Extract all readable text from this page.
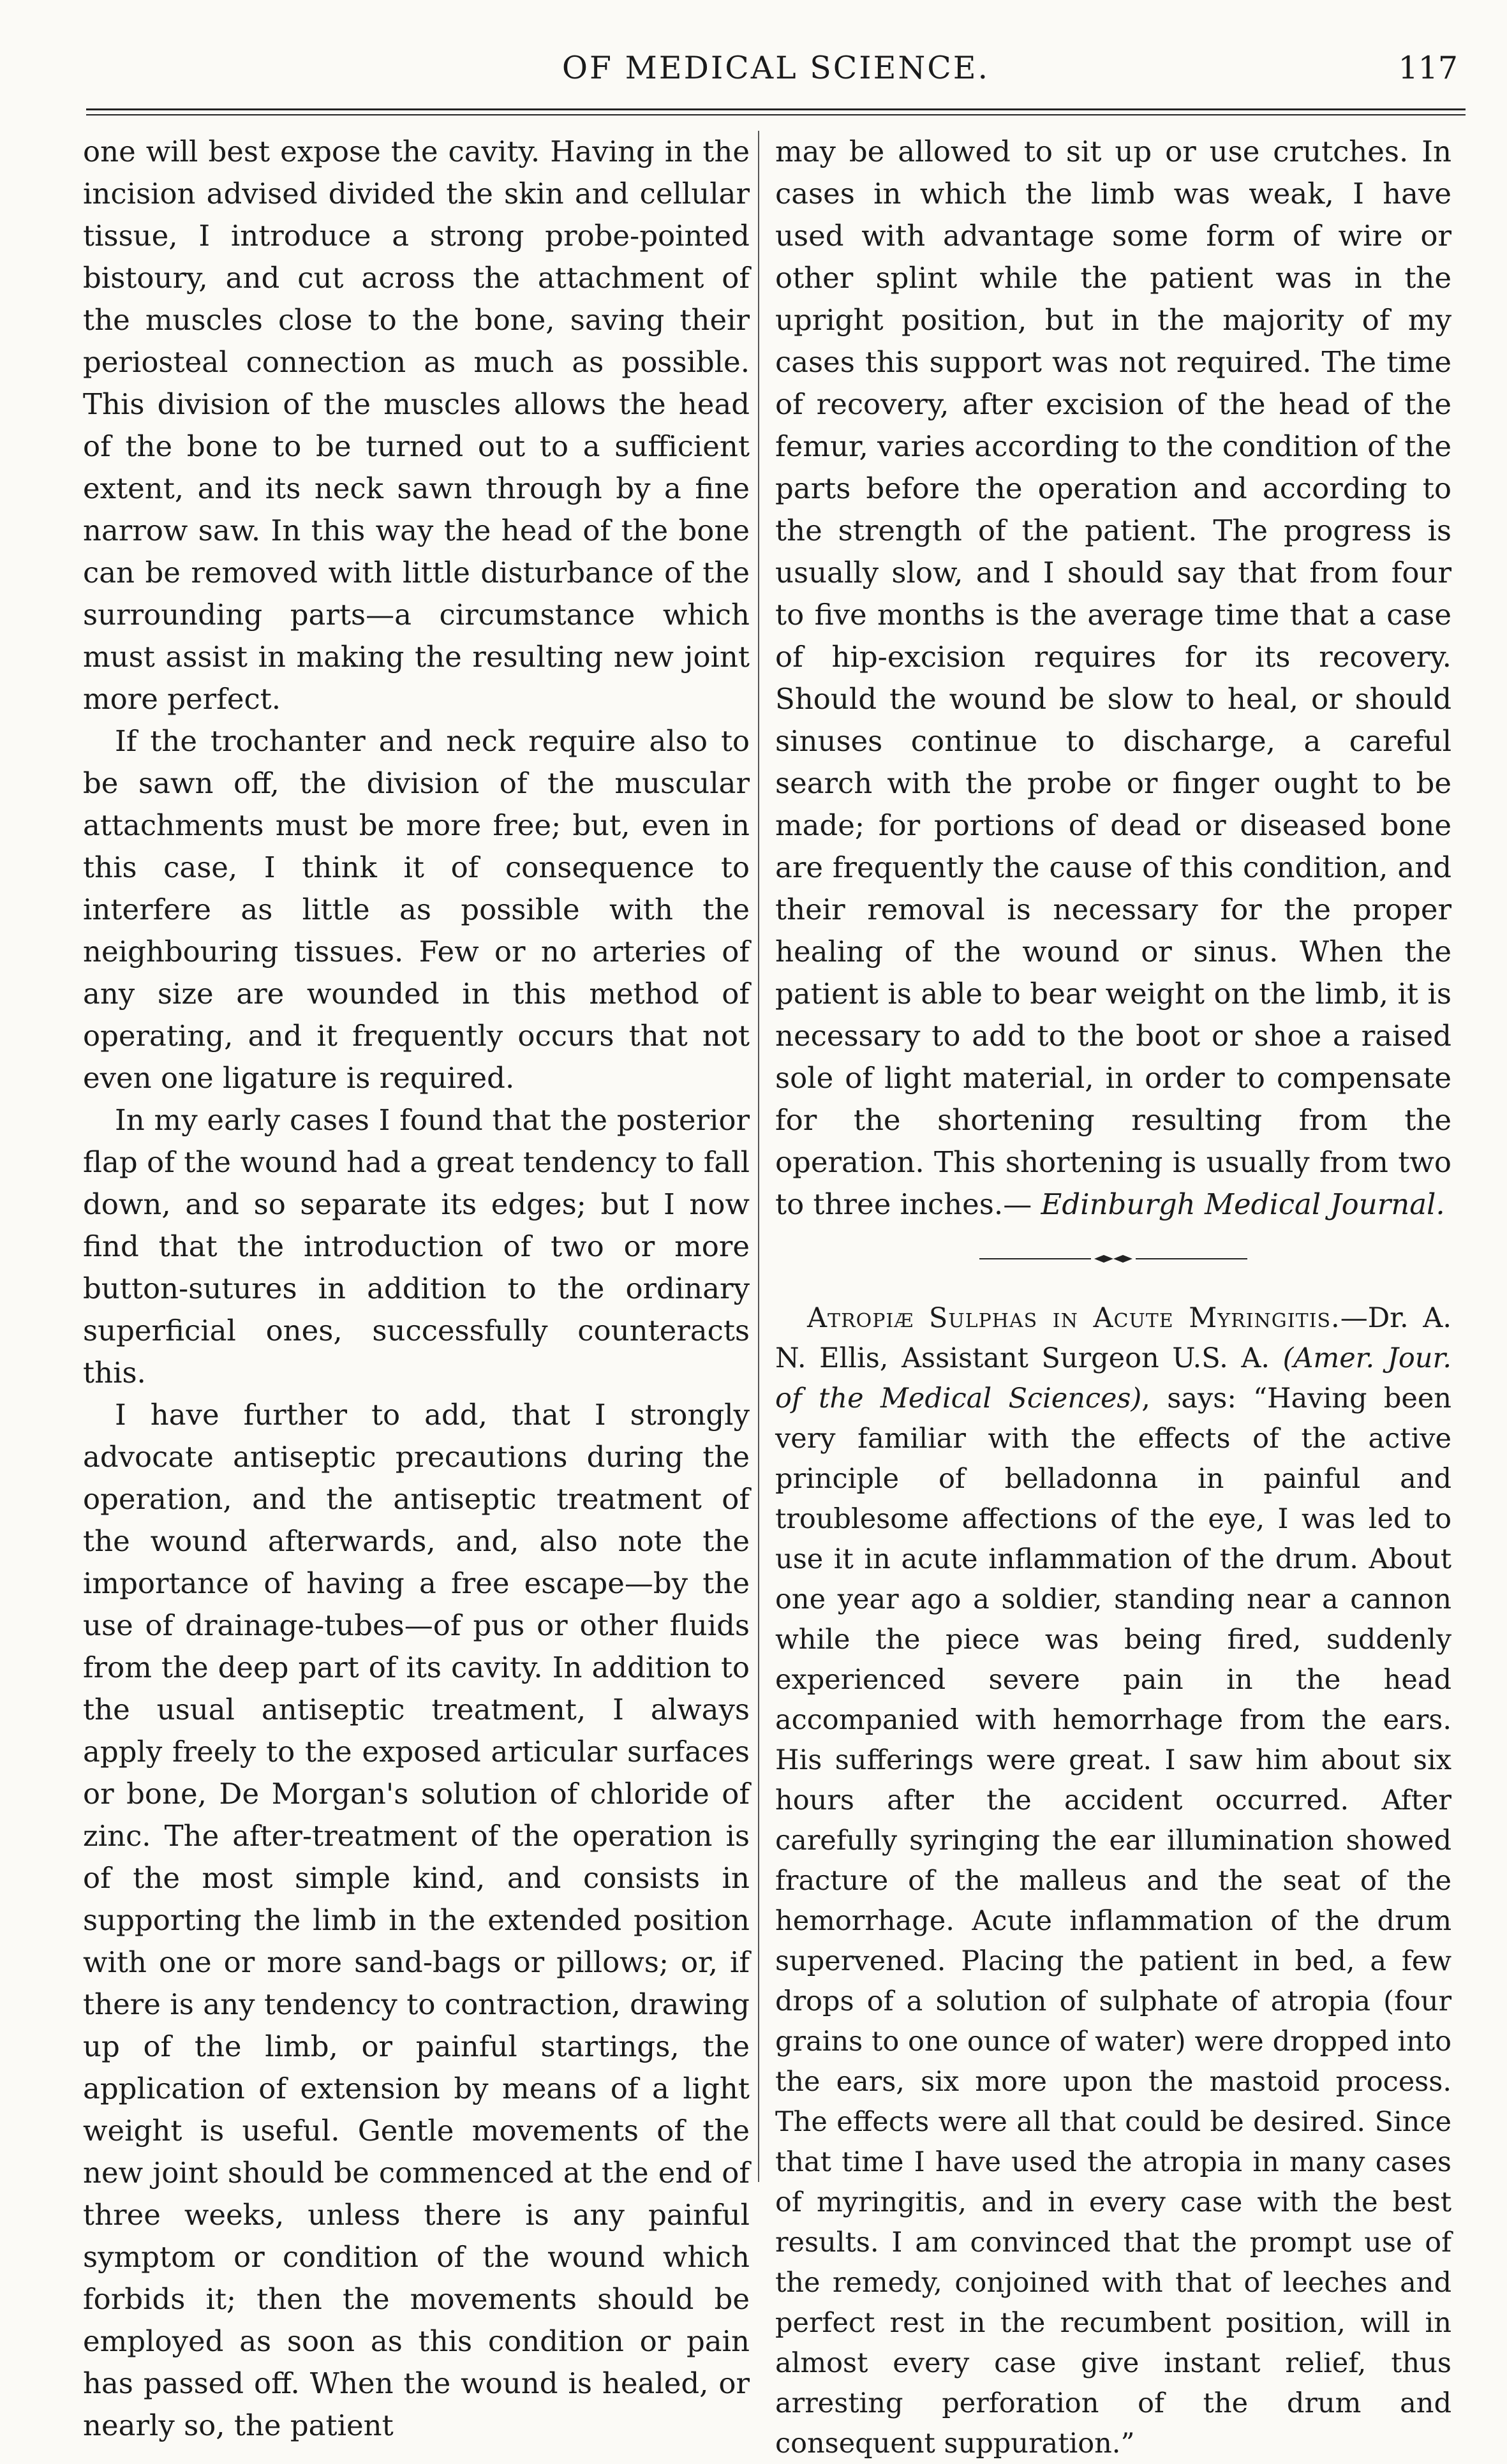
OF MEDICAL SCIENCE.	117

one will best expose the cavity. Having in the incision advised divided the skin and cellular tissue, I introduce a strong probe-pointed bistoury, and cut across the attachment of the muscles close to the bone, saving their periosteal connection as much as possible. This division of the muscles allows the head of the bone to be turned out to a sufficient extent, and its neck sawn through by a fine narrow saw. In this way the head of the bone can be removed with little disturbance of the surrounding parts—a circumstance which must assist in making the resulting new joint more perfect.

If the trochanter and neck require also to be sawn off, the division of the muscular attachments must be more free; but, even in this case, I think it of consequence to interfere as little as possible with the neighbouring tissues. Few or no arteries of any size are wounded in this method of operating, and it frequently occurs that not even one ligature is required.

In my early cases I found that the posterior flap of the wound had a great tendency to fall down, and so separate its edges; but I now find that the introduction of two or more button-sutures in addition to the ordinary superficial ones, successfully counteracts this.

I have further to add, that I strongly advocate antiseptic precautions during the operation, and the antiseptic treatment of the wound afterwards, and, also note the importance of having a free escape—by the use of drainage-tubes—of pus or other fluids from the deep part of its cavity. In addition to the usual antiseptic treatment, I always apply freely to the exposed articular surfaces or bone, De Morgan's solution of chloride of zinc. The after-treatment of the operation is of the most simple kind, and consists in supporting the limb in the extended position with one or more sand-bags or pillows; or, if there is any tendency to contraction, drawing up of the limb, or painful startings, the application of extension by means of a light weight is useful. Gentle movements of the new joint should be commenced at the end of three weeks, unless there is any painful symptom or condition of the wound which forbids it; then the movements should be employed as soon as this condition or pain has passed off. When the wound is healed, or nearly so, the patient

may be allowed to sit up or use crutches. In cases in which the limb was weak, I have used with advantage some form of wire or other splint while the patient was in the upright position, but in the majority of my cases this support was not required. The time of recovery, after excision of the head of the femur, varies according to the condition of the parts before the operation and according to the strength of the patient. The progress is usually slow, and I should say that from four to five months is the average time that a case of hip-excision requires for its recovery. Should the wound be slow to heal, or should sinuses continue to discharge, a careful search with the probe or finger ought to be made; for portions of dead or diseased bone are frequently the cause of this condition, and their removal is necessary for the proper healing of the wound or sinus. When the patient is able to bear weight on the limb, it is necessary to add to the boot or shoe a raised sole of light material, in order to compensate for the shortening resulting from the operation. This shortening is usually from two to three inches.— Edinburgh Medical Journal.

Atropiæ Sulphas in Acute Myringitis.—Dr. A. N. Ellis, Assistant Surgeon U.S. A. (Amer. Jour. of the Medical Sciences), says: “Having been very familiar with the effects of the active principle of belladonna in painful and troublesome affections of the eye, I was led to use it in acute inflammation of the drum. About one year ago a soldier, standing near a cannon while the piece was being fired, suddenly experienced severe pain in the head accompanied with hemorrhage from the ears. His sufferings were great. I saw him about six hours after the accident occurred. After carefully syringing the ear illumination showed fracture of the malleus and the seat of the hemorrhage. Acute inflammation of the drum supervened. Placing the patient in bed, a few drops of a solution of sulphate of atropia (four grains to one ounce of water) were dropped into the ears, six more upon the mastoid process. The effects were all that could be desired. Since that time I have used the atropia in many cases of myringitis, and in every case with the best results. I am convinced that the prompt use of the remedy, conjoined with that of leeches and perfect rest in the recumbent position, will in almost every case give instant relief, thus arresting perforation of the drum and consequent suppuration.”
